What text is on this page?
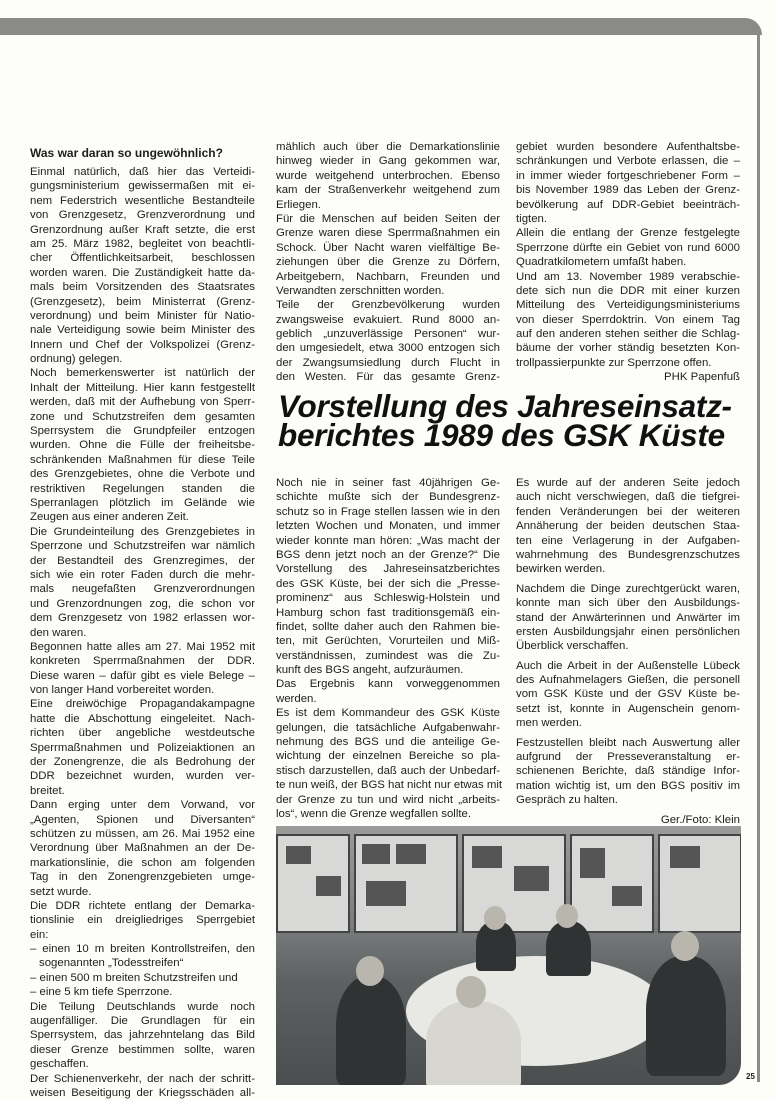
Was war daran so ungewöhnlich?
Einmal natürlich, daß hier das Verteidi-
gungsministerium gewissermaßen mit ei-
nem Federstrich wesentliche Bestandteile
von Grenzgesetz, Grenzverordnung und
Grenzordnung außer Kraft setzte, die erst
am 25. März 1982, begleitet von beachtli-
cher Öffentlichkeitsarbeit, beschlossen
worden waren. Die Zuständigkeit hatte da-
mals beim Vorsitzenden des Staatsrates
(Grenzgesetz), beim Ministerrat (Grenz-
verordnung) und beim Minister für Natio-
nale Verteidigung sowie beim Minister des
Innern und Chef der Volkspolizei (Grenz-
ordnung) gelegen.
Noch bemerkenswerter ist natürlich der
Inhalt der Mitteilung. Hier kann festgestellt
werden, daß mit der Aufhebung von Sperr-
zone und Schutzstreifen dem gesamten
Sperrsystem die Grundpfeiler entzogen
wurden. Ohne die Fülle der freiheitsbe-
schränkenden Maßnahmen für diese Teile
des Grenzgebietes, ohne die Verbote und
restriktiven Regelungen standen die
Sperranlagen plötzlich im Gelände wie
Zeugen aus einer anderen Zeit.
Die Grundeinteilung des Grenzgebietes in
Sperrzone und Schutzstreifen war nämlich
der Bestandteil des Grenzregimes, der
sich wie ein roter Faden durch die mehr-
mals neugefaßten Grenzverordnungen
und Grenzordnungen zog, die schon vor
dem Grenzgesetz von 1982 erlassen wor-
den waren.
Begonnen hatte alles am 27. Mai 1952 mit
konkreten Sperrmaßnahmen der DDR.
Diese waren – dafür gibt es viele Belege –
von langer Hand vorbereitet worden.
Eine dreiwöchige Propagandakampagne
hatte die Abschottung eingeleitet. Nach-
richten über angebliche westdeutsche
Sperrmaßnahmen und Polizeiaktionen an
der Zonengrenze, die als Bedrohung der
DDR bezeichnet wurden, wurden ver-
breitet.
Dann erging unter dem Vorwand, vor
„Agenten, Spionen und Diversanten“
schützen zu müssen, am 26. Mai 1952 eine
Verordnung über Maßnahmen an der De-
markationslinie, die schon am folgenden
Tag in den Zonengrenzgebieten umge-
setzt wurde.
Die DDR richtete entlang der Demarka-
tionslinie ein dreigliedriges Sperrgebiet
ein:
– einen 10 m breiten Kontrollstreifen, den
sogenannten „Todesstreifen“
– einen 500 m breiten Schutzstreifen und
– eine 5 km tiefe Sperrzone.
Die Teilung Deutschlands wurde noch
augenfälliger. Die Grundlagen für ein
Sperrsystem, das jahrzehntelang das Bild
dieser Grenze bestimmen sollte, waren
geschaffen.
Der Schienenverkehr, der nach der schritt-
weisen Beseitigung der Kriegsschäden all-
mählich auch über die Demarkationslinie
hinweg wieder in Gang gekommen war,
wurde weitgehend unterbrochen. Ebenso
kam der Straßenverkehr weitgehend zum
Erliegen.
Für die Menschen auf beiden Seiten der
Grenze waren diese Sperrmaßnahmen ein
Schock. Über Nacht waren vielfältige Be-
ziehungen über die Grenze zu Dörfern,
Arbeitgebern, Nachbarn, Freunden und
Verwandten zerschnitten worden.
Teile der Grenzbevölkerung wurden
zwangsweise evakuiert. Rund 8000 an-
geblich „unzuverlässige Personen“ wur-
den umgesiedelt, etwa 3000 entzogen sich
der Zwangsumsiedlung durch Flucht in
den Westen. Für das gesamte Grenz-
gebiet wurden besondere Aufenthaltsbe-
schränkungen und Verbote erlassen, die –
in immer wieder fortgeschriebener Form –
bis November 1989 das Leben der Grenz-
bevölkerung auf DDR-Gebiet beeinträch-
tigten.
Allein die entlang der Grenze festgelegte
Sperrzone dürfte ein Gebiet von rund 6000
Quadratkilometern umfaßt haben.
Und am 13. November 1989 verabschie-
dete sich nun die DDR mit einer kurzen
Mitteilung des Verteidigungsministeriums
von dieser Sperrdoktrin. Von einem Tag
auf den anderen stehen seither die Schlag-
bäume der vorher ständig besetzten Kon-
trollpassierpunkte zur Sperrzone offen.
PHK Papenfuß
Vorstellung des Jahreseinsatz-
berichtes 1989 des GSK Küste
Noch nie in seiner fast 40jährigen Ge-
schichte mußte sich der Bundesgrenz-
schutz so in Frage stellen lassen wie in den
letzten Wochen und Monaten, und immer
wieder konnte man hören: „Was macht der
BGS denn jetzt noch an der Grenze?“ Die
Vorstellung des Jahreseinsatzberichtes
des GSK Küste, bei der sich die „Presse-
prominenz“ aus Schleswig-Holstein und
Hamburg schon fast traditionsgemäß ein-
findet, sollte daher auch den Rahmen bie-
ten, mit Gerüchten, Vorurteilen und Miß-
verständnissen, zumindest was die Zu-
kunft des BGS angeht, aufzuräumen.
Das Ergebnis kann vorweggenommen
werden.
Es ist dem Kommandeur des GSK Küste
gelungen, die tatsächliche Aufgabenwahr-
nehmung des BGS und die anteilige Ge-
wichtung der einzelnen Bereiche so pla-
stisch darzustellen, daß auch der Unbedarf-
te nun weiß, der BGS hat nicht nur etwas mit
der Grenze zu tun und wird nicht „arbeits-
los“, wenn die Grenze wegfallen sollte.
Es wurde auf der anderen Seite jedoch
auch nicht verschwiegen, daß die tiefgrei-
fenden Veränderungen bei der weiteren
Annäherung der beiden deutschen Staa-
ten eine Verlagerung in der Aufgaben-
wahrnehmung des Bundesgrenzschutzes
bewirken werden.
Nachdem die Dinge zurechtgerückt waren,
konnte man sich über den Ausbildungs-
stand der Anwärterinnen und Anwärter im
ersten Ausbildungsjahr einen persönlichen
Überblick verschaffen.
Auch die Arbeit in der Außenstelle Lübeck
des Aufnahmelagers Gießen, die personell
vom GSK Küste und der GSV Küste be-
setzt ist, konnte in Augenschein genom-
men werden.
Festzustellen bleibt nach Auswertung aller
aufgrund der Presseveranstaltung er-
schienenen Berichte, daß ständige Infor-
mation wichtig ist, um den BGS positiv im
Gespräch zu halten.
Ger./Foto: Klein
25
